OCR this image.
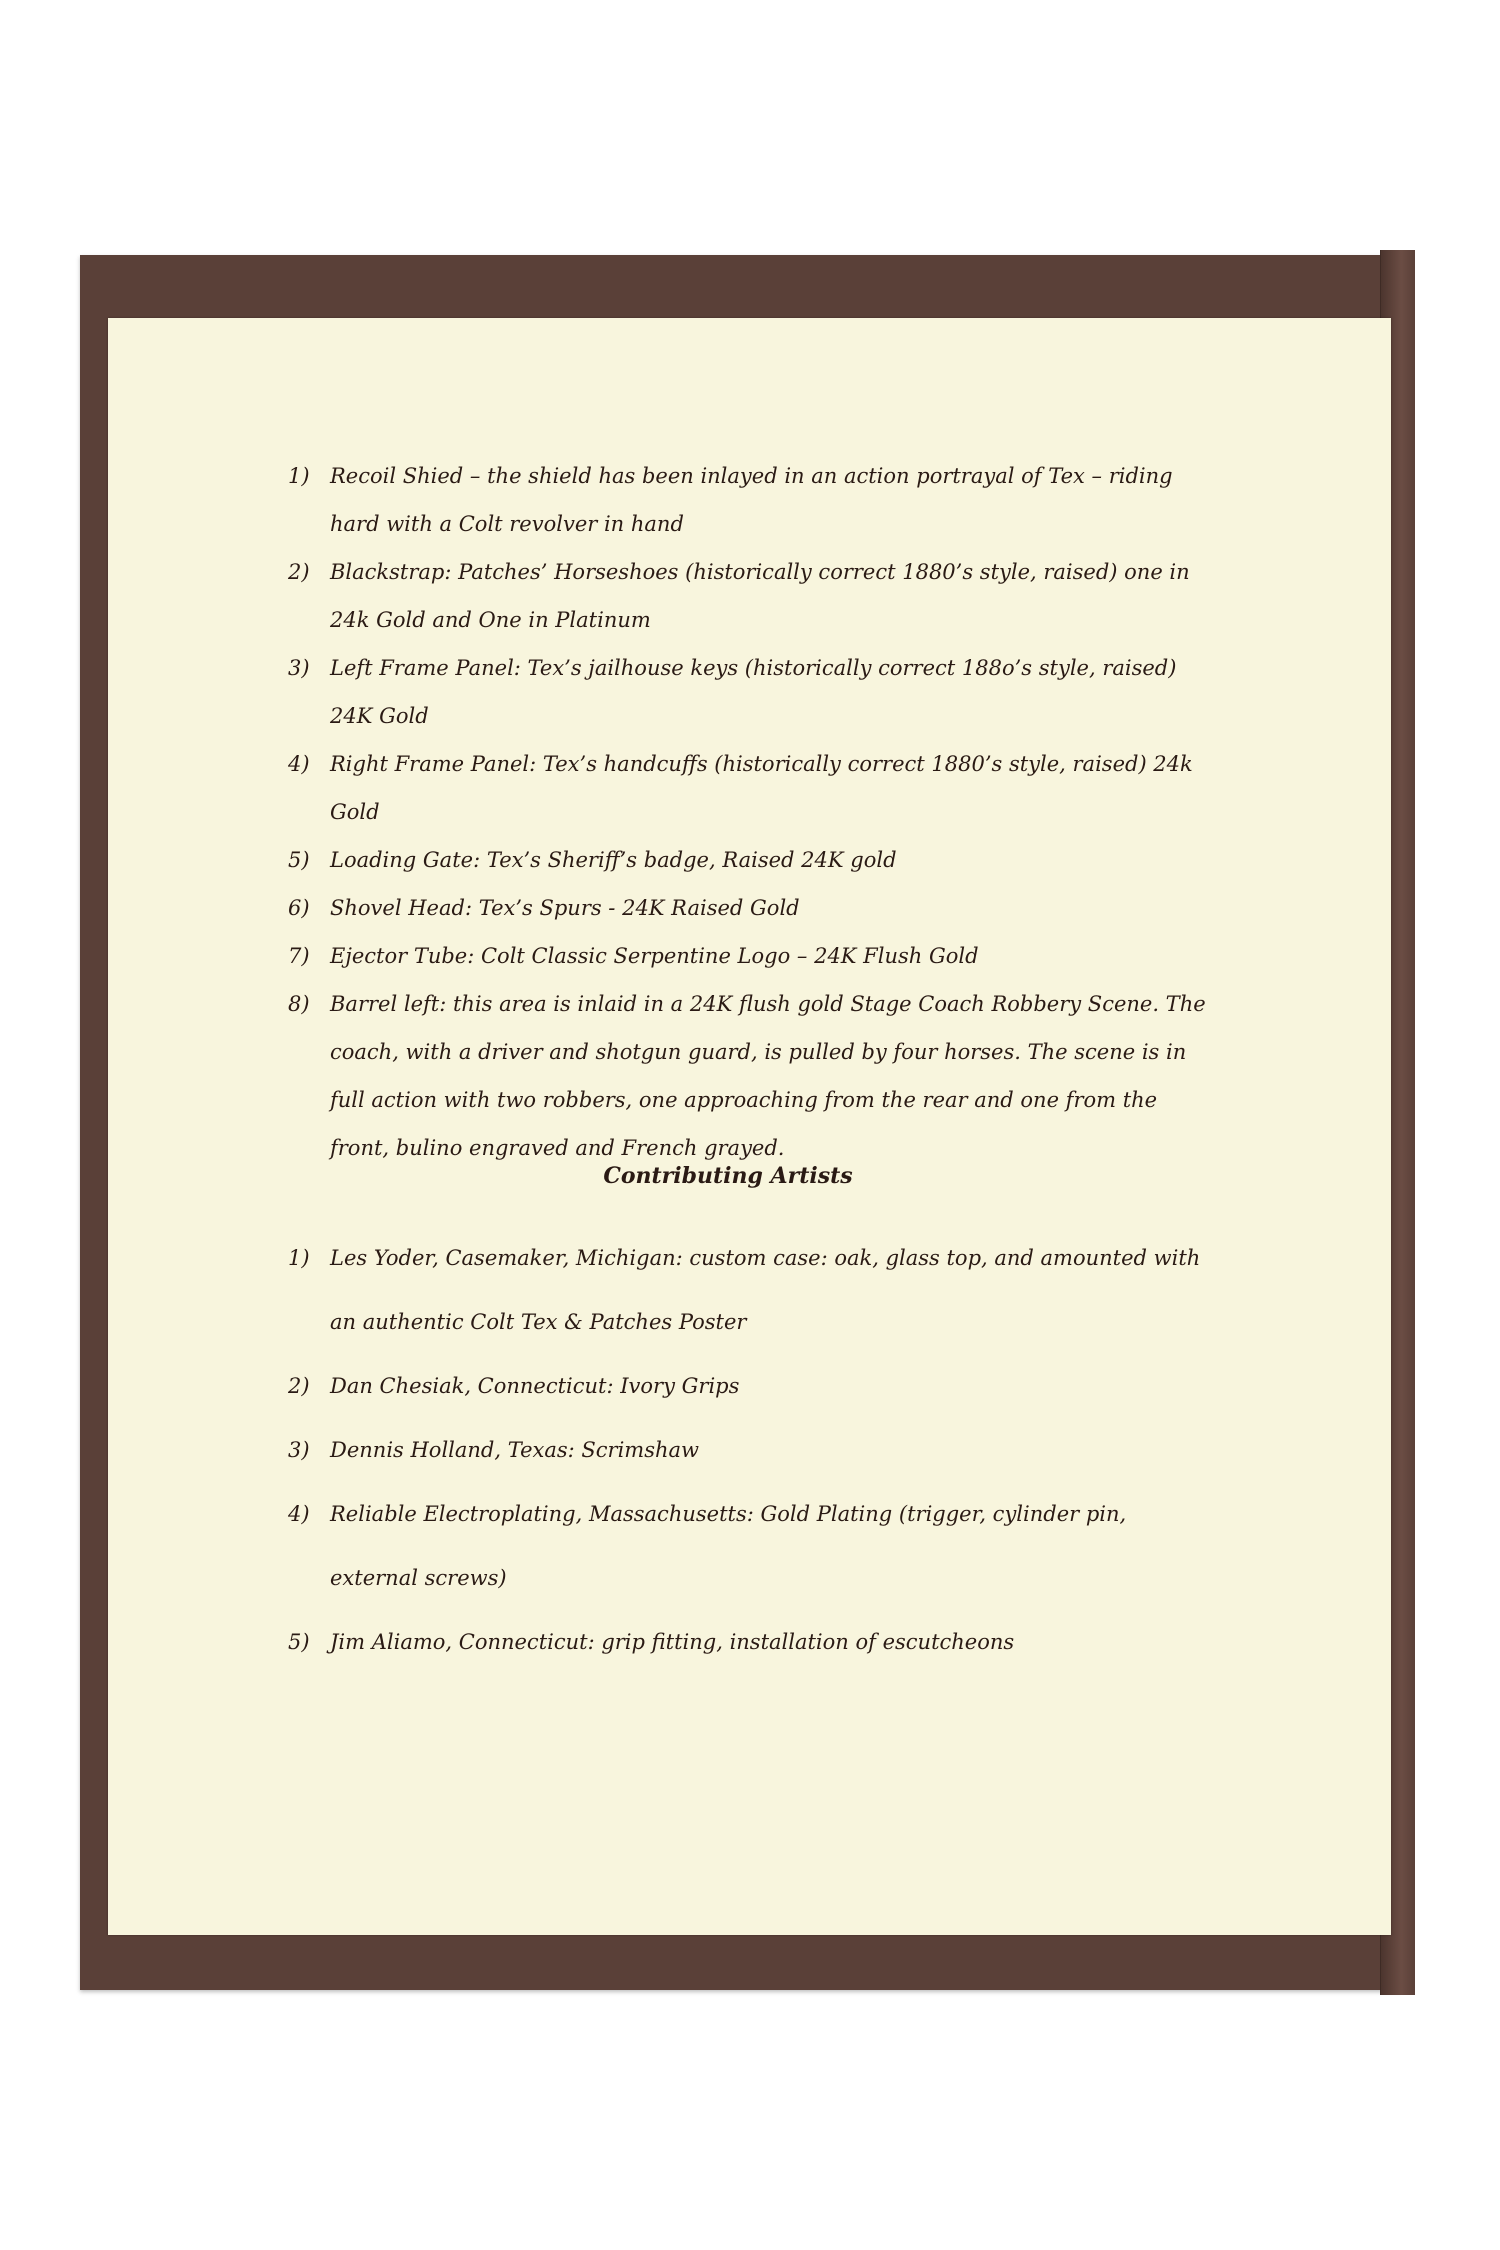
1) Recoil Shied – the shield has been inlayed in an action portrayal of Tex – riding hard with a Colt revolver in hand
2) Blackstrap: Patches’ Horseshoes (historically correct 1880’s style, raised) one in 24k Gold and One in Platinum
3) Left Frame Panel: Tex’s jailhouse keys (historically correct 188o’s style, raised) 24K Gold
4) Right Frame Panel: Tex’s handcuffs (historically correct 1880’s style, raised) 24k Gold
5) Loading Gate: Tex’s Sheriff’s badge, Raised 24K gold
6) Shovel Head: Tex’s Spurs - 24K Raised Gold
7) Ejector Tube: Colt Classic Serpentine Logo – 24K Flush Gold
8) Barrel left: this area is inlaid in a 24K flush gold Stage Coach Robbery Scene. The coach, with a driver and shotgun guard, is pulled by four horses. The scene is in full action with two robbers, one approaching from the rear and one from the front, bulino engraved and French grayed.
Contributing Artists
1) Les Yoder, Casemaker, Michigan: custom case: oak, glass top, and amounted with an authentic Colt Tex & Patches Poster
2) Dan Chesiak, Connecticut: Ivory Grips
3) Dennis Holland, Texas: Scrimshaw
4) Reliable Electroplating, Massachusetts: Gold Plating (trigger, cylinder pin, external screws)
5) Jim Aliamo, Connecticut: grip fitting, installation of escutcheons
